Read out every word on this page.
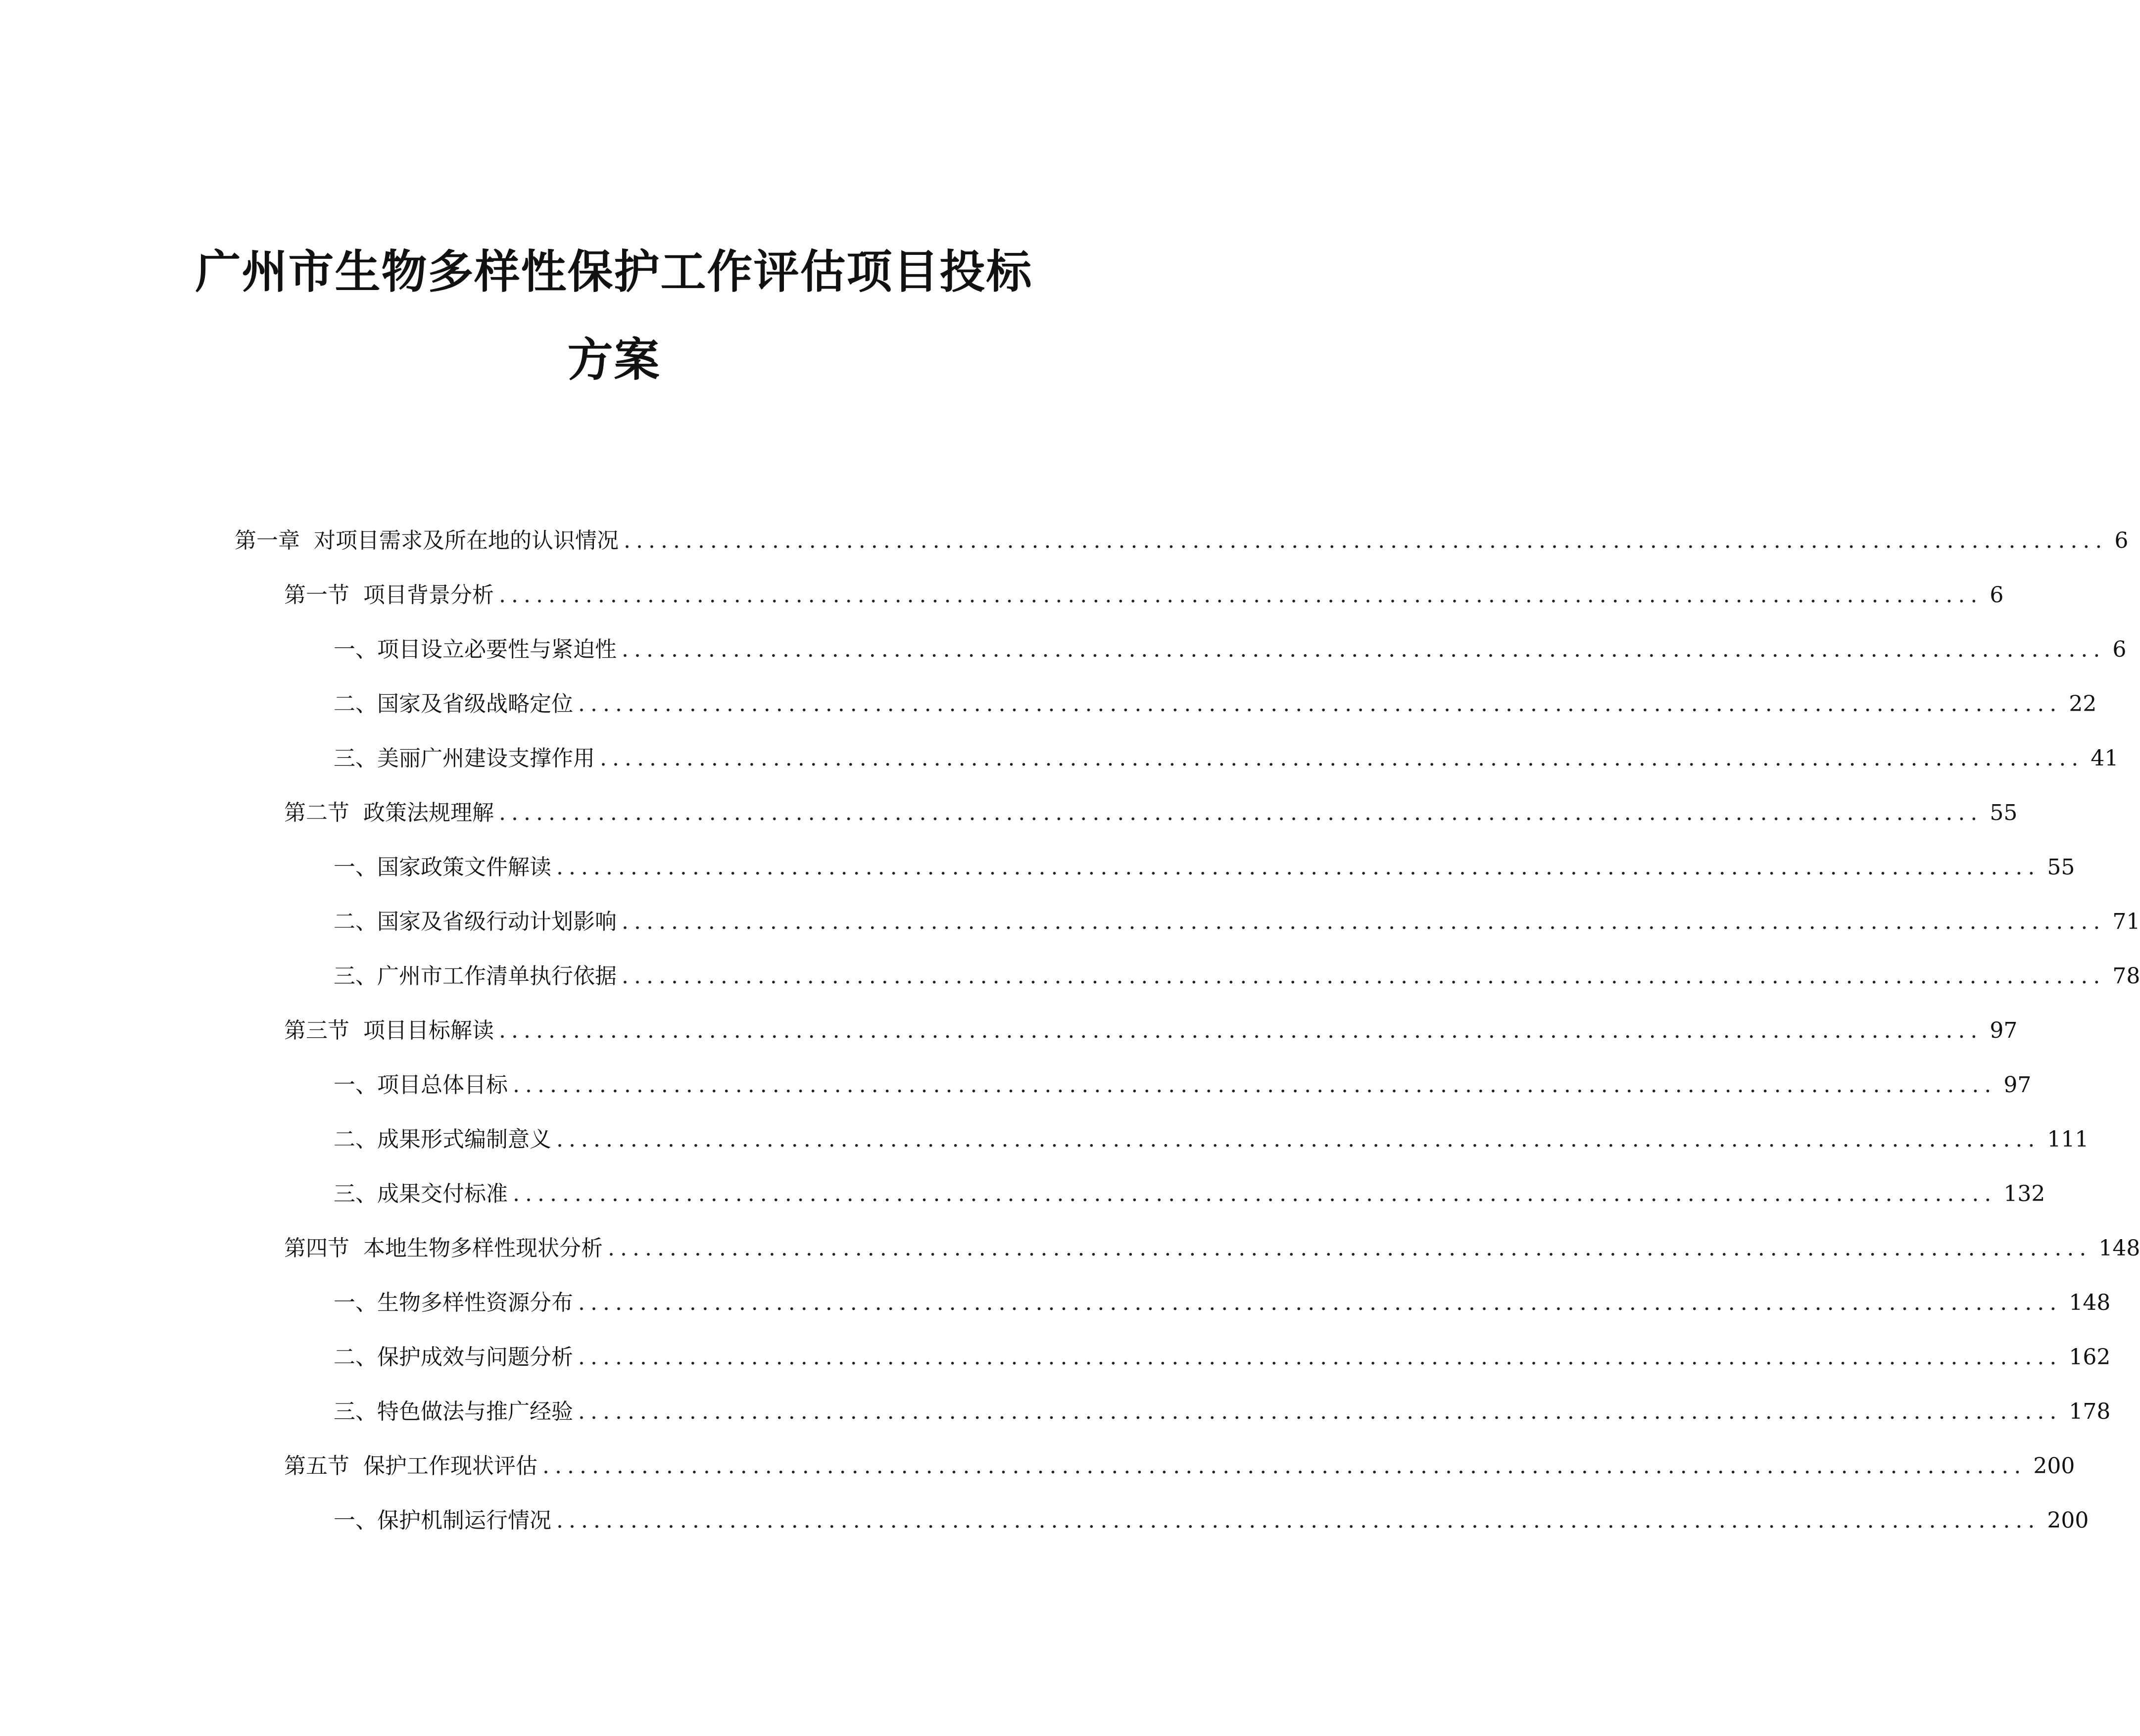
广州市生物多样性保护工作评估项目投标
方案
第一章 对项目需求及所在地的认识情况 ........................................................................................................................ 6
第一节 项目背景分析 ........................................................................................................................ 6
一、 项目设立必要性与紧迫性 ........................................................................................................................ 6
二、 国家及省级战略定位 ........................................................................................................................ 22
三、 美丽广州建设支撑作用 ........................................................................................................................ 41
第二节 政策法规理解 ........................................................................................................................ 55
一、 国家政策文件解读 ........................................................................................................................ 55
二、 国家及省级行动计划影响 ........................................................................................................................ 71
三、 广州市工作清单执行依据 ........................................................................................................................ 78
第三节 项目目标解读 ........................................................................................................................ 97
一、 项目总体目标 ........................................................................................................................ 97
二、 成果形式编制意义 ........................................................................................................................ 111
三、 成果交付标准 ........................................................................................................................ 132
第四节 本地生物多样性现状分析 ........................................................................................................................ 148
一、 生物多样性资源分布 ........................................................................................................................ 148
二、 保护成效与问题分析 ........................................................................................................................ 162
三、 特色做法与推广经验 ........................................................................................................................ 178
第五节 保护工作现状评估 ........................................................................................................................ 200
一、 保护机制运行情况 ........................................................................................................................ 200
